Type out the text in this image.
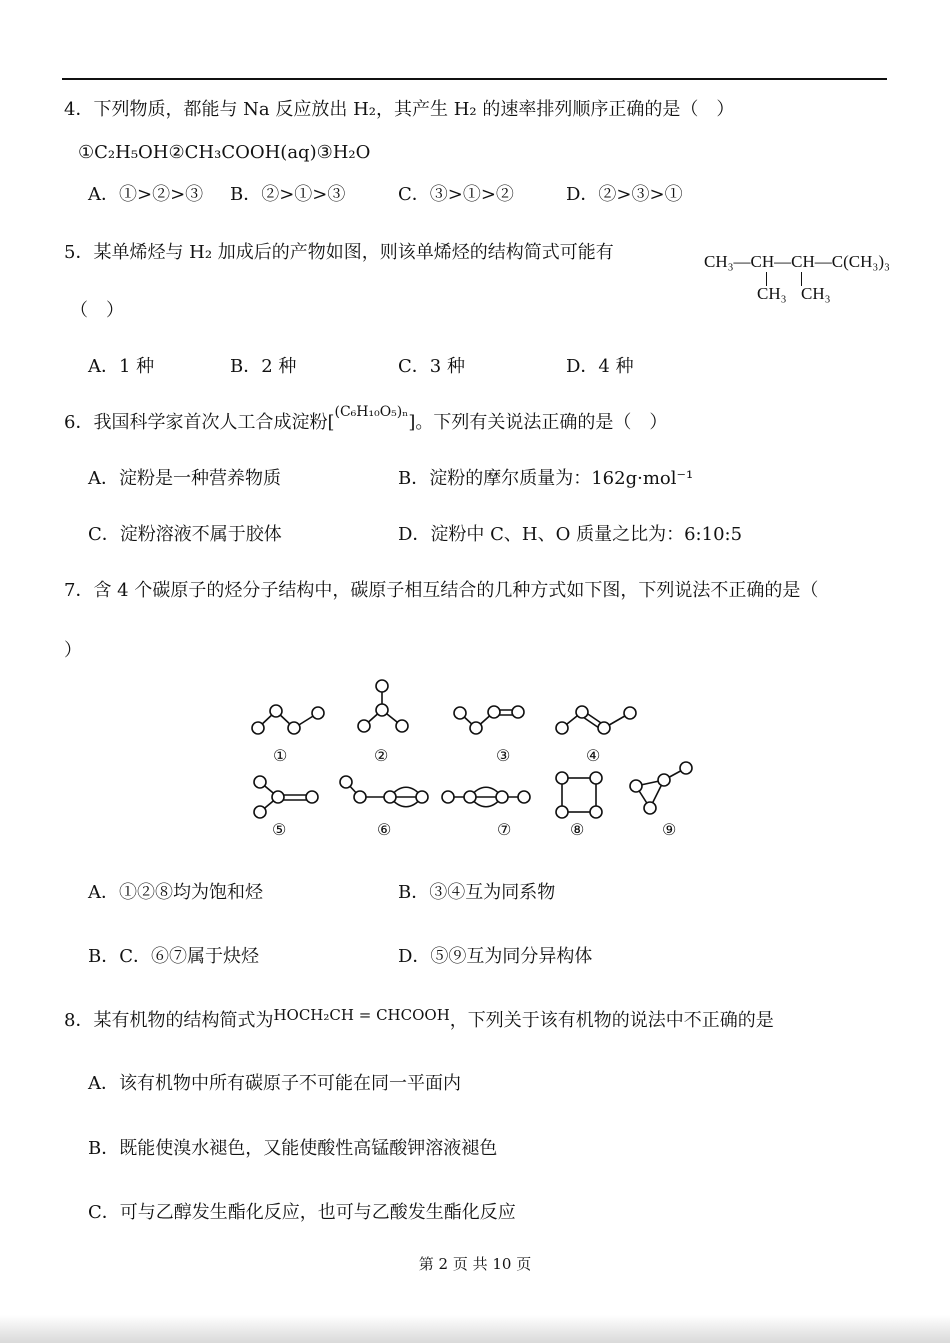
4．下列物质，都能与 Na 反应放出 H₂，其产生 H₂ 的速率排列顺序正确的是（　）
①C₂H₅OH②CH₃COOH(aq)③H₂O
A．①>②>③ B．②>①>③	C．③>①>②	D．②>③>①
5．某单烯烃与 H₂ 加成后的产物如图，则该单烯烃的结构简式可能有
（　）
CH₃—CH—CH—C(CH₃)₃
CH₃ CH₃
A．1 种	B．2 种	C．3 种	D．4 种
6．我国科学家首次人工合成淀粉[$^{(C_6H_{10}O_5)_n}$]。下列有关说法正确的是（　）
A．淀粉是一种营养物质	B．淀粉的摩尔质量为：162g·mol⁻¹
C．淀粉溶液不属于胶体	D．淀粉中 C、H、O 质量之比为：6:10:5
7．含 4 个碳原子的烃分子结构中，碳原子相互结合的几种方式如下图，下列说法不正确的是（
）
①	②	③	④
⑤	⑥	⑦	⑧	⑨
A．①②⑧均为饱和烃	B．③④互为同系物
B．C．⑥⑦属于炔烃	D．⑤⑨互为同分异构体
8．某有机物的结构简式为$^{HOCH_2CH = CHCOOH}$，下列关于该有机物的说法中不正确的是
A．该有机物中所有碳原子不可能在同一平面内
B．既能使溴水褪色，又能使酸性高锰酸钾溶液褪色
C．可与乙醇发生酯化反应，也可与乙酸发生酯化反应
第 2 页 共 10 页
